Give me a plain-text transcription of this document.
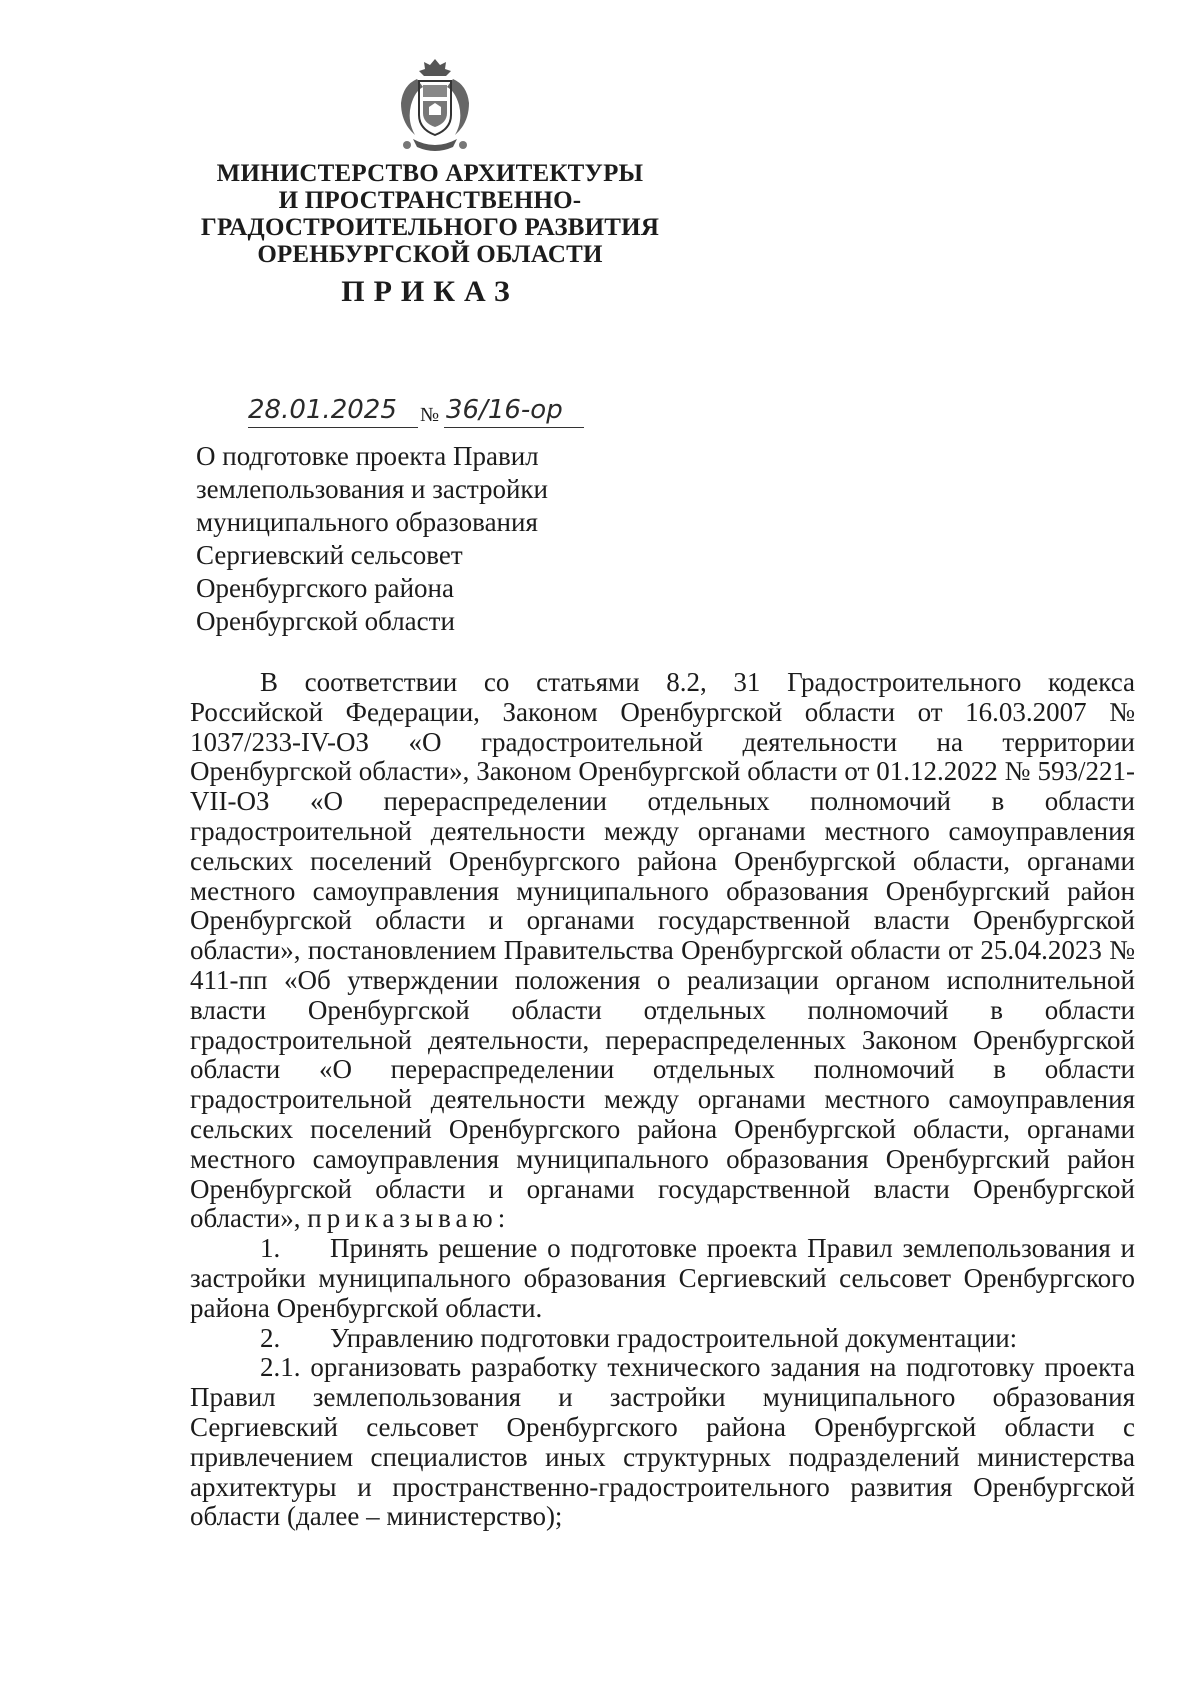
МИНИСТЕРСТВО АРХИТЕКТУРЫ
И ПРОСТРАНСТВЕННО-
ГРАДОСТРОИТЕЛЬНОГО РАЗВИТИЯ
ОРЕНБУРГСКОЙ ОБЛАСТИ
ПРИКАЗ
28.01.2025 № 36/16-ор
О подготовке проекта Правил
землепользования и застройки
муниципального образования
Сергиевский сельсовет
Оренбургского района
Оренбургской области

В соответствии со статьями 8.2, 31 Градостроительного кодекса Российской Федерации, Законом Оренбургской области от 16.03.2007 № 1037/233-IV-ОЗ «О градостроительной деятельности на территории Оренбургской области», Законом Оренбургской области от 01.12.2022 № 593/221-VII-ОЗ «О перераспределении отдельных полномочий в области градостроительной деятельности между органами местного самоуправления сельских поселений Оренбургского района Оренбургской области, органами местного самоуправления муниципального образования Оренбургский район Оренбургской области и органами государственной власти Оренбургской области», постановлением Правительства Оренбургской области от 25.04.2023 № 411-пп «Об утверждении положения о реализации органом исполнительной власти Оренбургской области отдельных полномочий в области градостроительной деятельности, перераспределенных Законом Оренбургской области «О перераспределении отдельных полномочий в области градостроительной деятельности между органами местного самоуправления сельских поселений Оренбургского района Оренбургской области, органами местного самоуправления муниципального образования Оренбургский район Оренбургской области и органами государственной власти Оренбургской области», приказываю:

1. Принять решение о подготовке проекта Правил землепользования и застройки муниципального образования Сергиевский сельсовет Оренбургского района Оренбургской области.

2. Управлению подготовки градостроительной документации:

2.1. организовать разработку технического задания на подготовку проекта Правил землепользования и застройки муниципального образования Сергиевский сельсовет Оренбургского района Оренбургской области с привлечением специалистов иных структурных подразделений министерства архитектуры и пространственно-градостроительного развития Оренбургской области (далее – министерство);
